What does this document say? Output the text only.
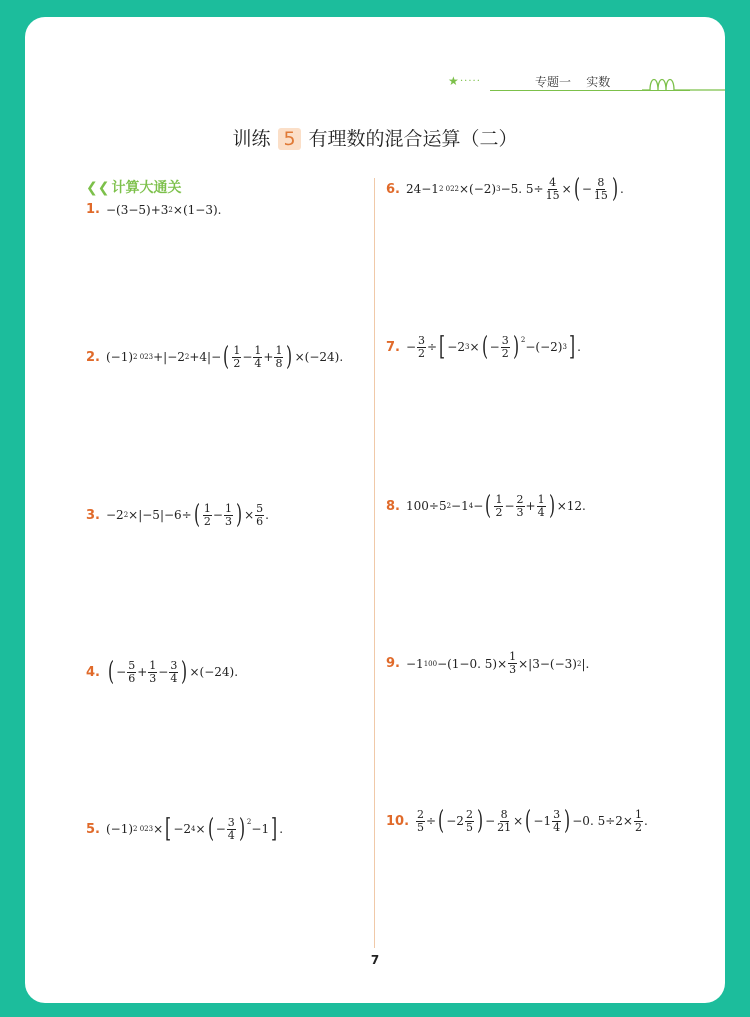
★ ·····	专题一    实数
训练 5 有理数的混合运算（二）
❮❮ 计算大通关
1. −(3−5)+3 2 ×(1−3).
2. (−1) 2 023 +|−2 2 +4|− ( $\frac{1}{2} - \frac{1}{4} + \frac{1}{8}$ ) ×(−24).
3. −2 2 ×|−5|−6÷ ( $\frac{1}{2} - \frac{1}{3}$ ) × $\frac{5}{6}$ .
4. ( − $\frac{5}{6} + \frac{1}{3} - \frac{3}{4}$ ) ×(−24).
5. (−1) 2 023 × [ −2 4 × ( − $\frac{3}{4}$ ) $^2$ −1 ] .
6. 24−1 2 022 ×(−2) 3 −5. $5\div \frac{4}{15}$ × ( − $\frac{8}{15}$ ) .
7. − $\frac{3}{2}$ ÷ [ −2 3 × ( − $\frac{3}{2}$ ) $^2$ −(−2) 3 ] .
8. 100÷5 2 −1 4 − ( $\frac{1}{2} - \frac{2}{3} + \frac{1}{4}$ ) ×12.
9. −1 100 −(1−0. $5)\times \frac{1}{3} \times|3-(-3)$ 2 |.
10. $\frac{2}{5}$ ÷ ( $-2 \frac{2}{5}$ ) − $\frac{8}{21}$ × ( $-1 \frac{3}{4}$ ) −0. $5\div 2\times \frac{1}{2}$ .
7
